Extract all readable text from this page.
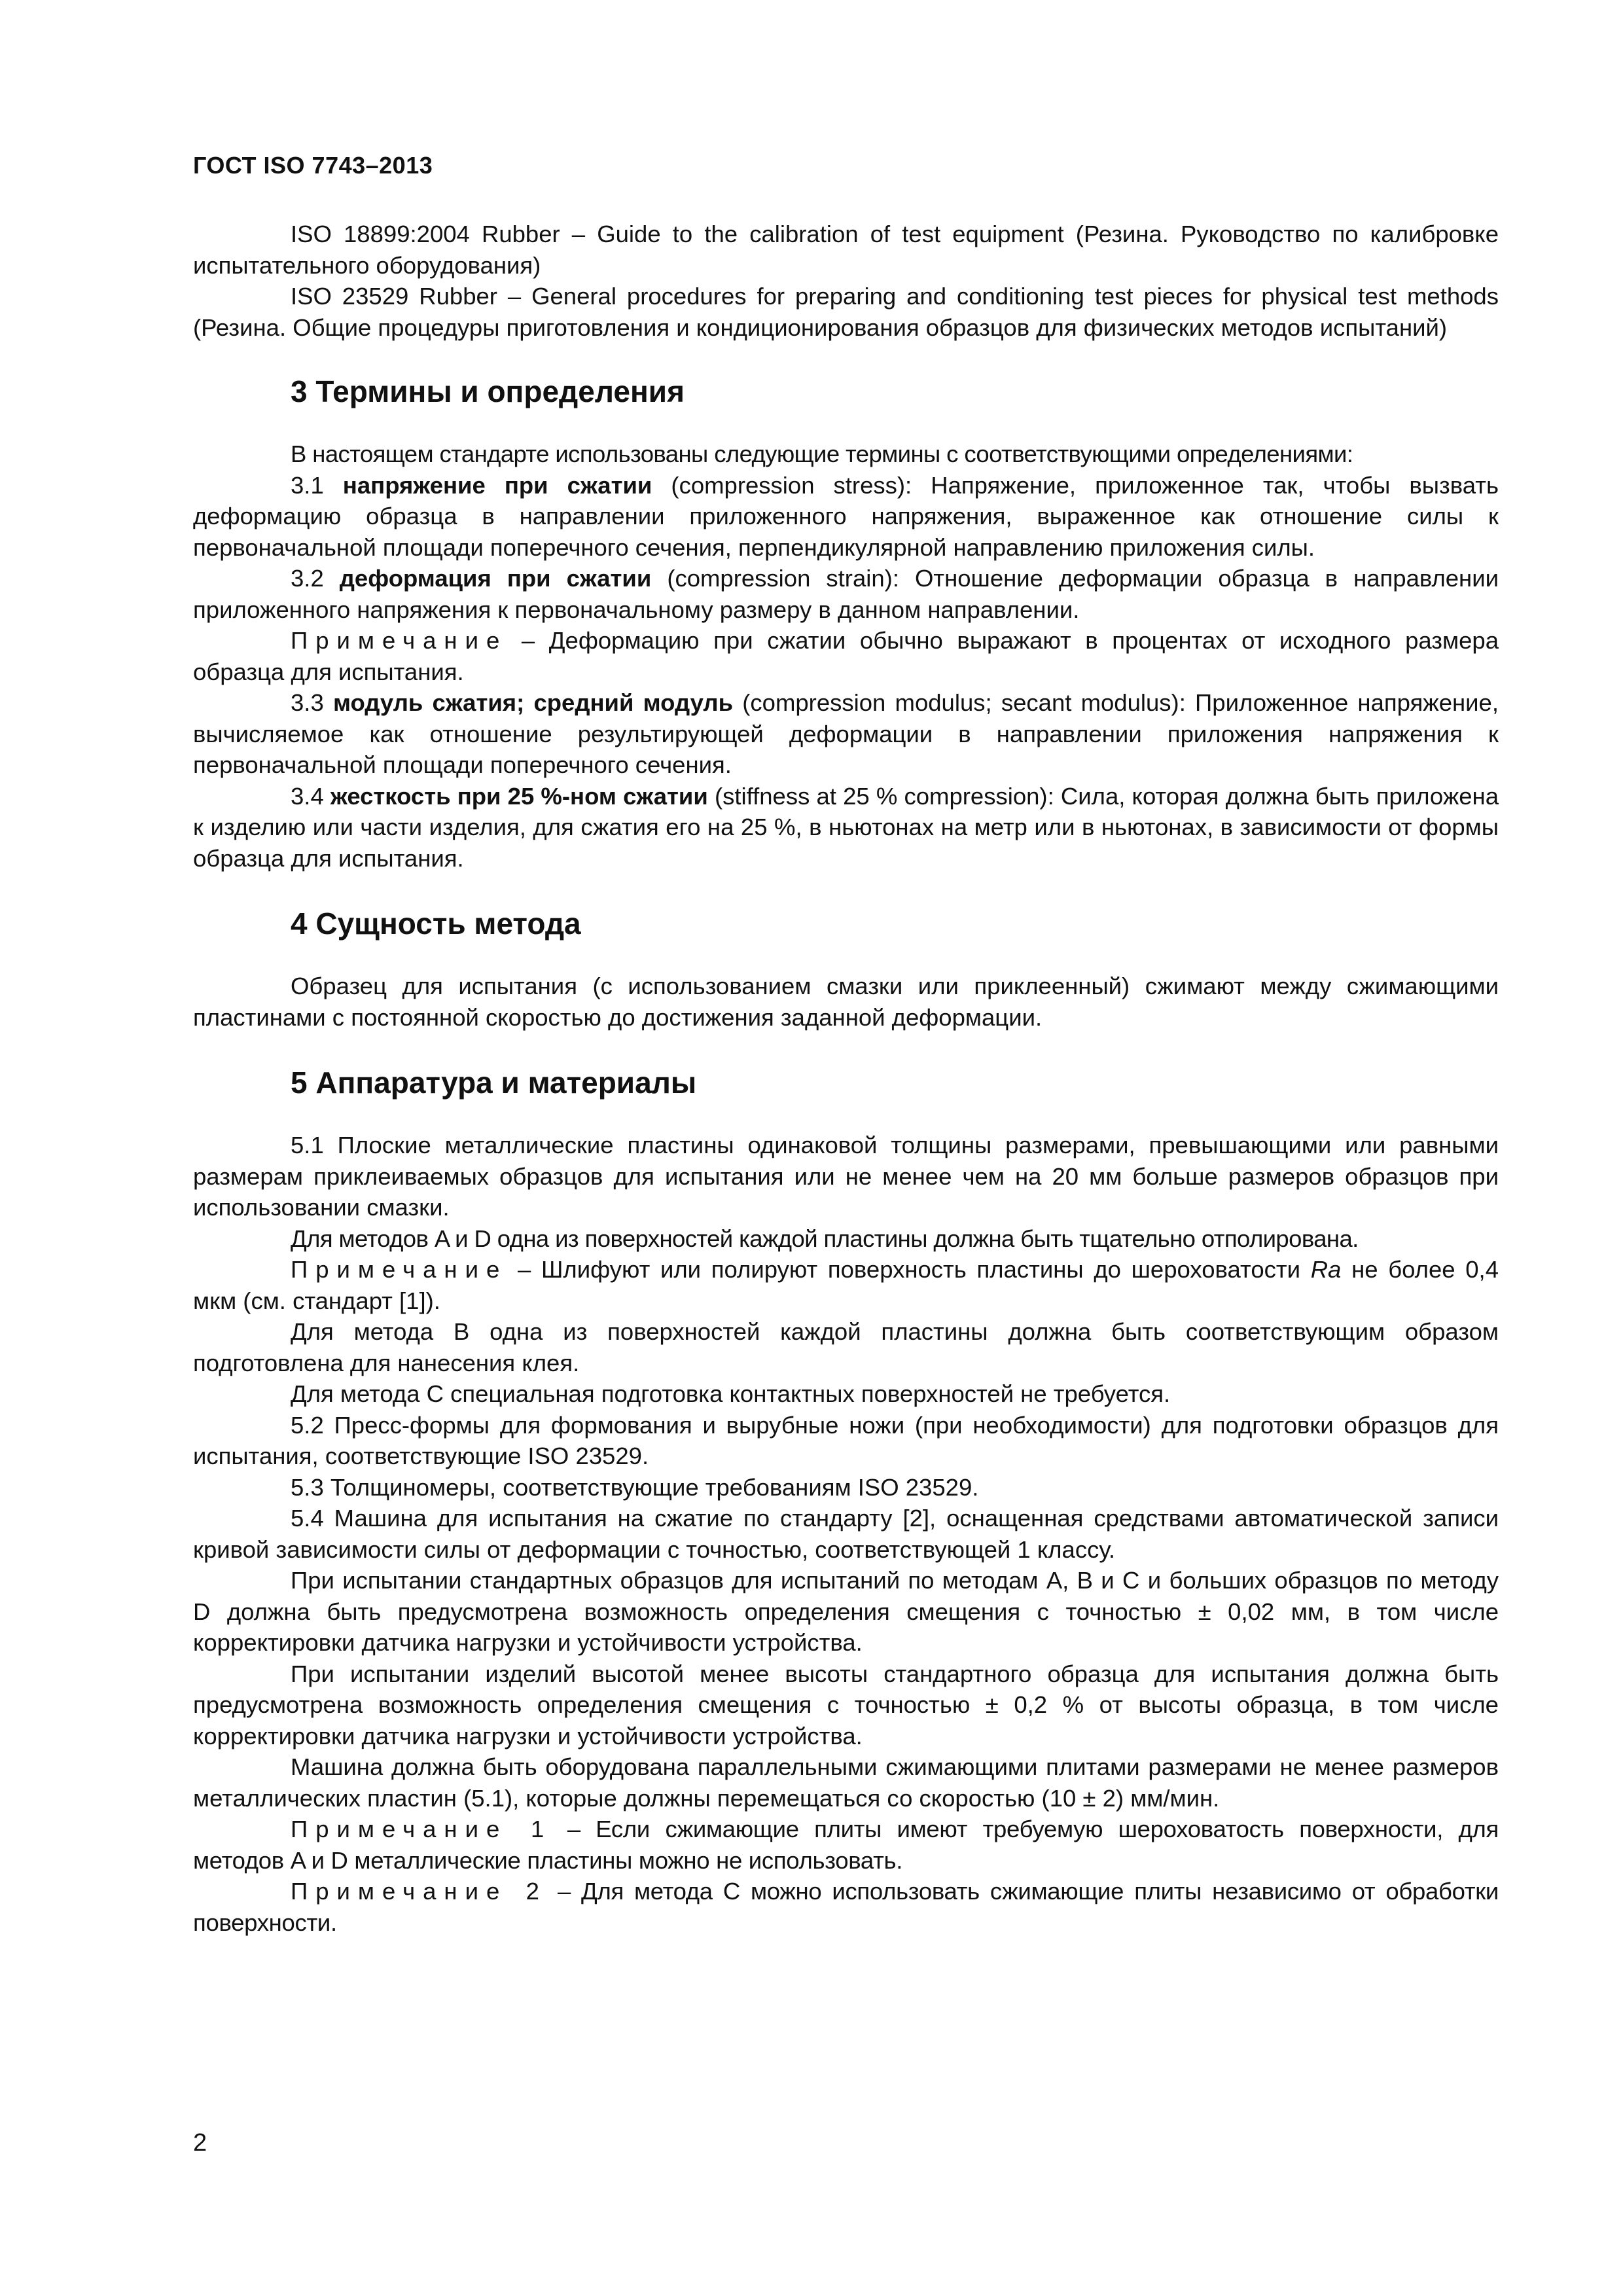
ГОСТ ISO 7743–2013

ISO 18899:2004 Rubber – Guide to the calibration of test equipment (Резина. Руководство по калибровке испытательного оборудования)

ISO 23529 Rubber – General procedures for preparing and conditioning test pieces for physical test methods (Резина. Общие процедуры приготовления и кондиционирования образцов для физических методов испытаний)

3 Термины и определения

В настоящем стандарте использованы следующие термины с соответствующими определениями:

3.1 напряжение при сжатии (compression stress): Напряжение, приложенное так, чтобы вызвать деформацию образца в направлении приложенного напряжения, выраженное как отношение силы к первоначальной площади поперечного сечения, перпендикулярной направлению приложения силы.

3.2 деформация при сжатии (compression strain): Отношение деформации образца в направлении приложенного напряжения к первоначальному размеру в данном направлении.

Примечание – Деформацию при сжатии обычно выражают в процентах от исходного размера образца для испытания.

3.3 модуль сжатия; средний модуль (compression modulus; secant modulus): Приложенное напряжение, вычисляемое как отношение результирующей деформации в направлении приложения напряжения к первоначальной площади поперечного сечения.

3.4 жесткость при 25 %-ном сжатии (stiffness at 25 % compression): Сила, которая должна быть приложена к изделию или части изделия, для сжатия его на 25 %, в ньютонах на метр или в ньютонах, в зависимости от формы образца для испытания.

4 Сущность метода

Образец для испытания (с использованием смазки или приклеенный) сжимают между сжимающими пластинами с постоянной скоростью до достижения заданной деформации.

5 Аппаратура и материалы

5.1 Плоские металлические пластины одинаковой толщины размерами, превышающими или равными размерам приклеиваемых образцов для испытания или не менее чем на 20 мм больше размеров образцов при использовании смазки.

Для методов A и D одна из поверхностей каждой пластины должна быть тщательно отполирована.

Примечание – Шлифуют или полируют поверхность пластины до шероховатости Ra не более 0,4 мкм (см. стандарт [1]).

Для метода B одна из поверхностей каждой пластины должна быть соответствующим образом подготовлена для нанесения клея.

Для метода C специальная подготовка контактных поверхностей не требуется.

5.2 Пресс-формы для формования и вырубные ножи (при необходимости) для подготовки образцов для испытания, соответствующие ISO 23529.

5.3 Толщиномеры, соответствующие требованиям ISO 23529.

5.4 Машина для испытания на сжатие по стандарту [2], оснащенная средствами автоматической записи кривой зависимости силы от деформации с точностью, соответствующей 1 классу.

При испытании стандартных образцов для испытаний по методам A, B и C и больших образцов по методу D должна быть предусмотрена возможность определения смещения с точностью ± 0,02 мм, в том числе корректировки датчика нагрузки и устойчивости устройства.

При испытании изделий высотой менее высоты стандартного образца для испытания должна быть предусмотрена возможность определения смещения с точностью ± 0,2 % от высоты образца, в том числе корректировки датчика нагрузки и устойчивости устройства.

Машина должна быть оборудована параллельными сжимающими плитами размерами не менее размеров металлических пластин (5.1), которые должны перемещаться со скоростью (10 ± 2) мм/мин.

Примечание 1 – Если сжимающие плиты имеют требуемую шероховатость поверхности, для методов A и D металлические пластины можно не использовать.

Примечание 2 – Для метода C можно использовать сжимающие плиты независимо от обработки поверхности.

2
